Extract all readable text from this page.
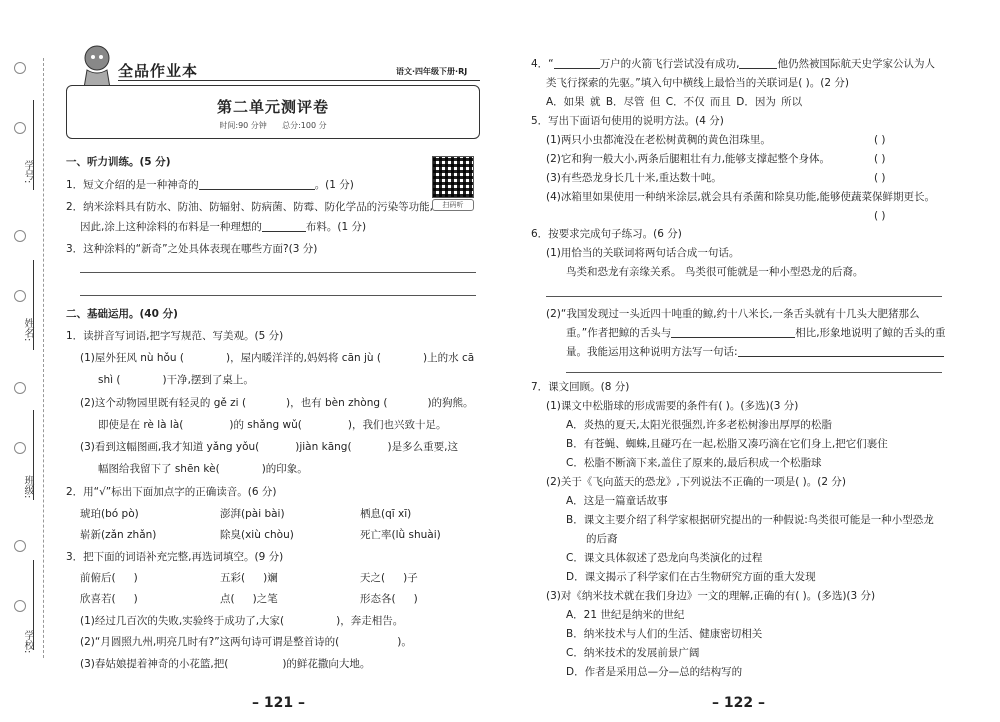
学号:
姓名:
班级:
学校:
全品作业本	语文·四年级下册·RJ
第二单元测评卷
时间:90 分钟 总分:100 分
扫码听
一、听力训练。(5 分)
1．短文介绍的是一种神奇的	。(1 分)
2．纳米涂料具有防水、防油、防辐射、防病菌、防霉、防化学品的污染等功能,
因此,涂上这种涂料的布料是一种理想的	布料。(1 分)
3．这种涂料的“新奇”之处具体表现在哪些方面?(3 分)
二、基础运用。(40 分)
1．读拼音写词语,把字写规范、写美观。(5 分)
(1)屋外狂风 nù hǒu (	)，屋内暖洋洋的,妈妈将 cān jù (	)上的水 cā
shì (	)干净,摆到了桌上。
(2)这个动物园里既有轻灵的 gě zi (	)，也有 bèn zhòng (	)的狗熊。
即使是在 rè là là(	)的 shǎng wǔ(	)，我们也兴致十足。
(3)看到这幅图画,我才知道 yǎng yǒu(	)jiàn kāng(	)是多么重要,这
幅图给我留下了 shēn kè(	)的印象。
2．用“√”标出下面加点字的正确读音。(6 分)
琥珀(bó pò)	澎湃(pài bài)	栖息(qī xī)
崭新(zǎn zhǎn)	除臭(xiù chòu)	死亡率(lǜ shuài)
3．把下面的词语补充完整,再选词填空。(9 分)
前俯后( )	五彩( )斓	天之( )子
欣喜若( )	点( )之笔	形态各( )
(1)经过几百次的失败,实验终于成功了,大家(	)，奔走相告。
(2)“月圆照九州,明亮几时有?”这两句诗可谓是整首诗的(	)。
(3)春姑娘提着神奇的小花篮,把(	)的鲜花撒向大地。
– 121 –
4．“	万户的火箭飞行尝试没有成功,	他仍然被国际航天史学家公认为人
类飞行探索的先驱。”填入句中横线上最恰当的关联词是( )。(2 分)
A．如果 就 B．尽管 但 C．不仅 而且 D．因为 所以
5．写出下面语句使用的说明方法。(4 分)
(1)两只小虫都淹没在老松树黄稠的黄色泪珠里。	( )
(2)它和狗一般大小,两条后腿粗壮有力,能够支撑起整个身体。	( )
(3)有些恐龙身长几十米,重达数十吨。	( )
(4)冰箱里如果使用一种纳米涂层,就会具有杀菌和除臭功能,能够使蔬菜保鲜期更长。
( )
6．按要求完成句子练习。(6 分)
(1)用恰当的关联词将两句话合成一句话。
鸟类和恐龙有亲缘关系。 鸟类很可能就是一种小型恐龙的后裔。
(2)“我国发现过一头近四十吨重的鲸,约十八米长,一条舌头就有十几头大肥猪那么
重。”作者把鲸的舌头与	相比,形象地说明了鲸的舌头的重
量。我能运用这种说明方法写一句话:
7．课文回顾。(8 分)
(1)课文中松脂球的形成需要的条件有( )。(多选)(3 分)
A．炎热的夏天,太阳光很强烈,许多老松树渗出厚厚的松脂
B．有苍蝇、蜘蛛,且碰巧在一起,松脂又凑巧滴在它们身上,把它们裹住
C．松脂不断滴下来,盖住了原来的,最后积成一个松脂球
(2)关于《飞向蓝天的恐龙》,下列说法不正确的一项是( )。(2 分)
A．这是一篇童话故事
B．课文主要介绍了科学家根据研究提出的一种假说:鸟类很可能是一种小型恐龙
的后裔
C．课文具体叙述了恐龙向鸟类演化的过程
D．课文揭示了科学家们在古生物研究方面的重大发现
(3)对《纳米技术就在我们身边》一文的理解,正确的有( )。(多选)(3 分)
A．21 世纪是纳米的世纪
B．纳米技术与人们的生活、健康密切相关
C．纳米技术的发展前景广阔
D．作者是采用总—分—总的结构写的
– 122 –
